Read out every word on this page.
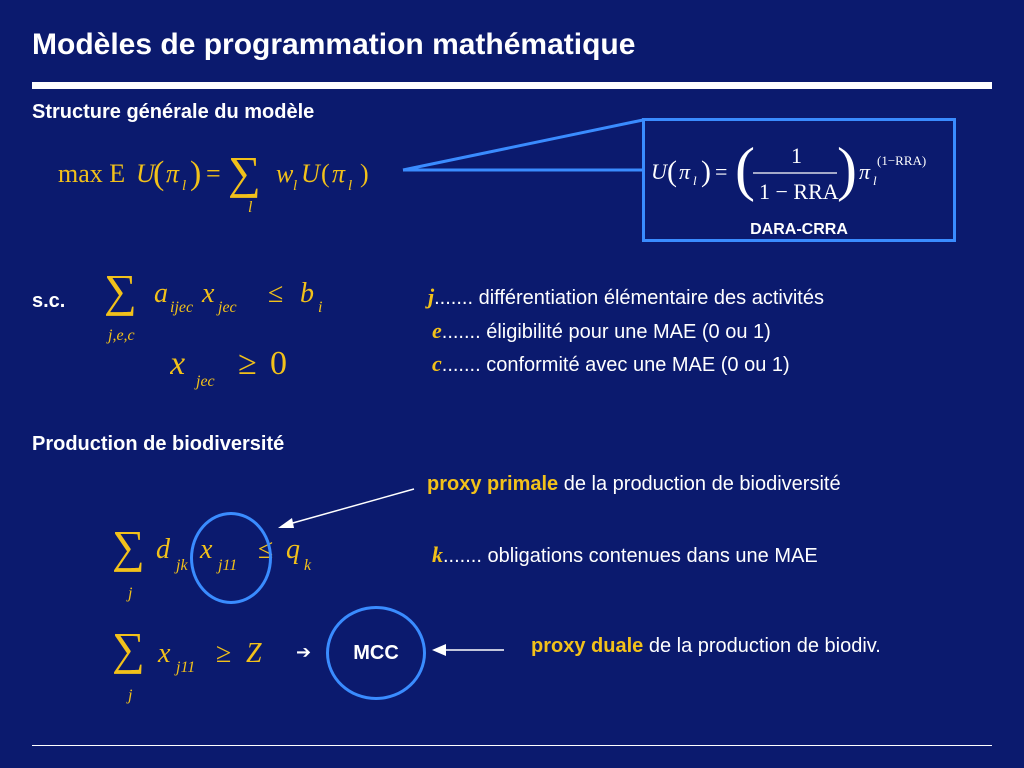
Modèles de programmation mathématique
Structure générale du modèle
max E U
( π l ) = ∑
l
w l U ( π l )	U ( π l ) = ( 1
1 − RRA
) π l
(1−RRA)
DARA-CRRA
s.c. ∑
j,e,c
a ijec x jec ≤ b i
x jec ≥ 0
j....... différentiation élémentaire des activités
e....... éligibilité pour une MAE (0 ou 1)
c....... conformité avec une MAE (0 ou 1)
Production de biodiversité
proxy primale de la production de biodiversité
∑
j
d
jk
x
j11
≤ q
k	k....... obligations contenues dans une MAE
∑
j
x j11 ≥ Z ➔	MCC	proxy duale de la production de biodiv.
